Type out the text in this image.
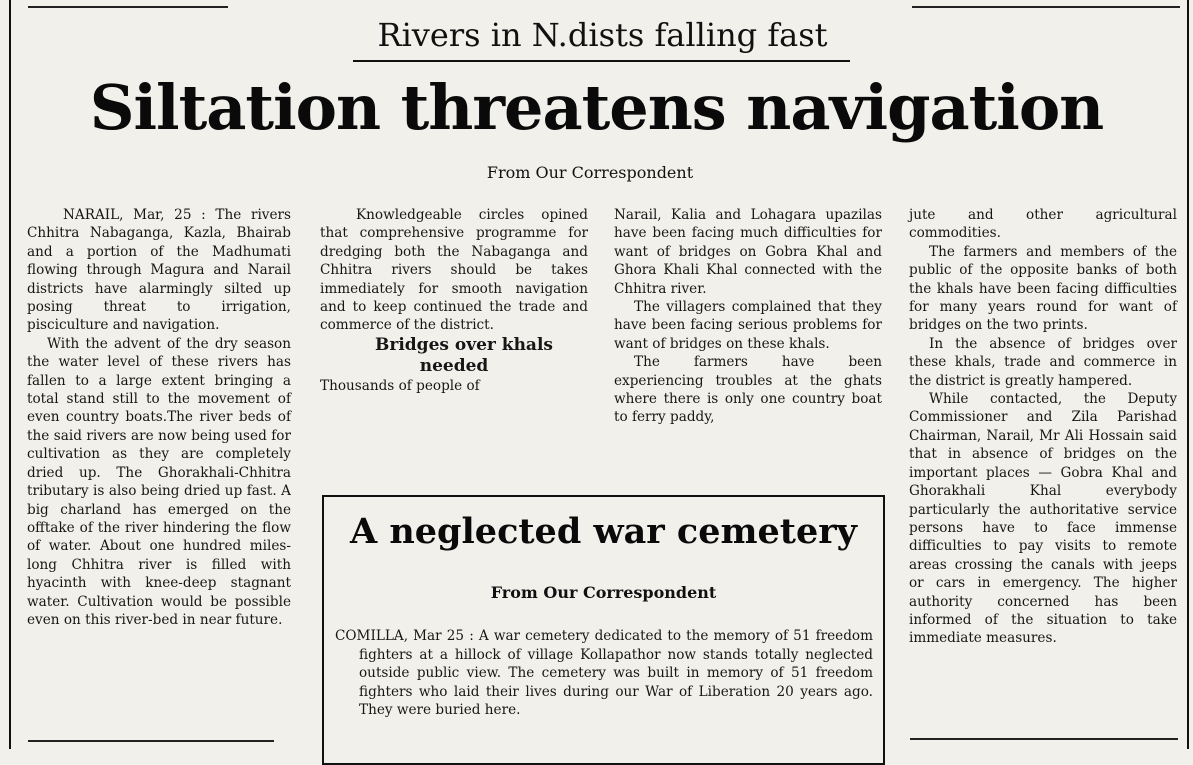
Rivers in N.dists falling fast
Siltation threatens navigation
From Our Correspondent

NARAIL, Mar, 25 : The rivers Chhitra Nabaganga, Kazla, Bhairab and a portion of the Madhumati flowing through Magura and Narail districts have alarmingly silted up posing threat to irrigation, pisciculture and navigation.

With the advent of the dry season the water level of these rivers has fallen to a large extent bringing a total stand still to the movement of even country boats.The river beds of the said rivers are now being used for cultivation as they are completely dried up. The Ghorakhali-Chhitra tributary is also being dried up fast. A big charland has emerged on the offtake of the river hindering the flow of water. About one hundred miles-long Chhitra river is filled with hyacinth with knee-deep stagnant water. Cultivation would be possible even on this river-bed in near future.

Knowledgeable circles opined that comprehensive programme for dredging both the Nabaganga and Chhitra rivers should be takes immediately for smooth navigation and to keep continued the trade and commerce of the district.

Bridges over khals needed

Thousands of people of

Narail, Kalia and Lohagara upazilas have been facing much difficulties for want of bridges on Gobra Khal and Ghora Khali Khal connected with the Chhitra river.

The villagers complained that they have been facing serious problems for want of bridges on these khals.

The farmers have been experiencing troubles at the ghats where there is only one country boat to ferry paddy,

jute and other agricultural commodities.

The farmers and members of the public of the opposite banks of both the khals have been facing difficulties for many years round for want of bridges on the two prints.

In the absence of bridges over these khals, trade and commerce in the district is greatly hampered.

While contacted, the Deputy Commissioner and Zila Parishad Chairman, Narail, Mr Ali Hossain said that in absence of bridges on the important places — Gobra Khal and Ghorakhali Khal everybody particularly the authoritative service persons have to face immense difficulties to pay visits to remote areas crossing the canals with jeeps or cars in emergency. The higher authority concerned has been informed of the situation to take immediate measures.

A neglected war cemetery
From Our Correspondent

COMILLA, Mar 25 : A war cemetery dedicated to the memory of 51 freedom fighters at a hillock of village Kollapathor now stands totally neglected outside public view. The cemetery was built in memory of 51 freedom fighters who laid their lives during our War of Liberation 20 years ago. They were buried here.
